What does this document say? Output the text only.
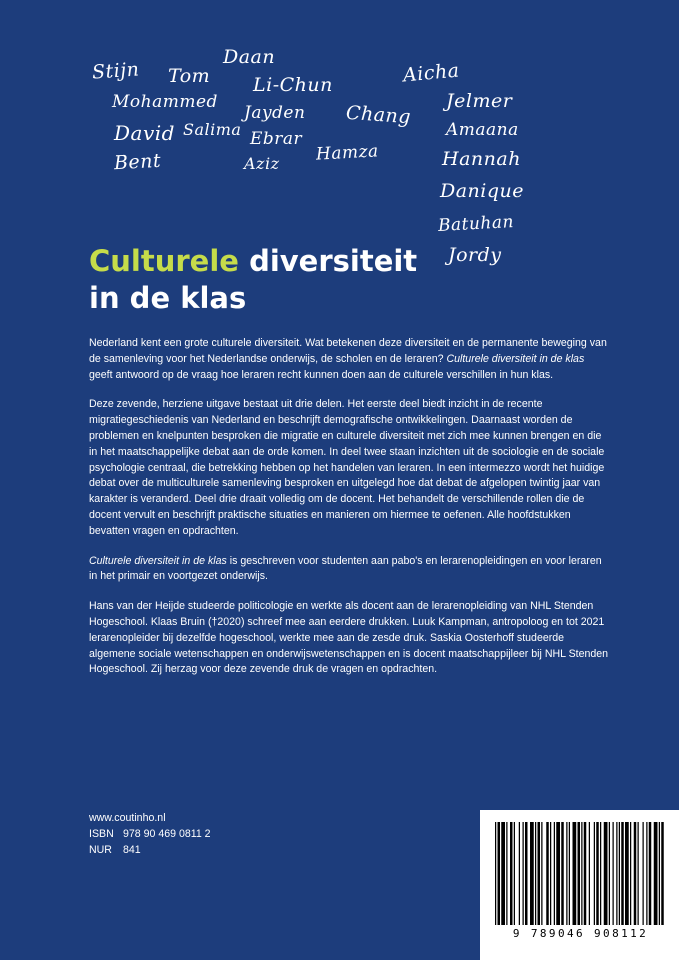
Stijn Tom
Daan
Li-Chun	Aicha
Mohammed	Jelmer
Jayden Chang
David Salima	Amaana
Ebrar
Hannah
Hamza
Bent	Aziz
Danique
Batuhan
Jordy
Culturele diversiteit
in de klas

Nederland kent een grote culturele diversiteit. Wat betekenen deze diversiteit en de permanente beweging van de samenleving voor het Nederlandse onderwijs, de scholen en de leraren? Culturele diversiteit in de klas geeft antwoord op de vraag hoe leraren recht kunnen doen aan de culturele verschillen in hun klas.

Deze zevende, herziene uitgave bestaat uit drie delen. Het eerste deel biedt inzicht in de recente migratiegeschiedenis van Nederland en beschrijft demografische ontwikkelingen. Daarnaast worden de problemen en knelpunten besproken die migratie en culturele diversiteit met zich mee kunnen brengen en die in het maatschappelijke debat aan de orde komen. In deel twee staan inzichten uit de sociologie en de sociale psychologie centraal, die betrekking hebben op het handelen van leraren. In een intermezzo wordt het huidige debat over de multiculturele samenleving besproken en uitgelegd hoe dat debat de afgelopen twintig jaar van karakter is veranderd. Deel drie draait volledig om de docent. Het behandelt de verschillende rollen die de docent vervult en beschrijft praktische situaties en manieren om hiermee te oefenen. Alle hoofdstukken bevatten vragen en opdrachten.

Culturele diversiteit in de klas is geschreven voor studenten aan pabo's en lerarenopleidingen en voor leraren in het primair en voortgezet onderwijs.

Hans van der Heijde studeerde politicologie en werkte als docent aan de lerarenopleiding van NHL Stenden Hogeschool. Klaas Bruin (†2020) schreef mee aan eerdere drukken. Luuk Kampman, antropoloog en tot 2021 lerarenopleider bij dezelfde hogeschool, werkte mee aan de zesde druk. Saskia Oosterhoff studeerde algemene sociale wetenschappen en onderwijswetenschappen en is docent maatschappijleer bij NHL Stenden Hogeschool. Zij herzag voor deze zevende druk de vragen en opdrachten.

www.coutinho.nl
ISBN 978 90 469 0811 2
NUR	841
9 789046 908112
